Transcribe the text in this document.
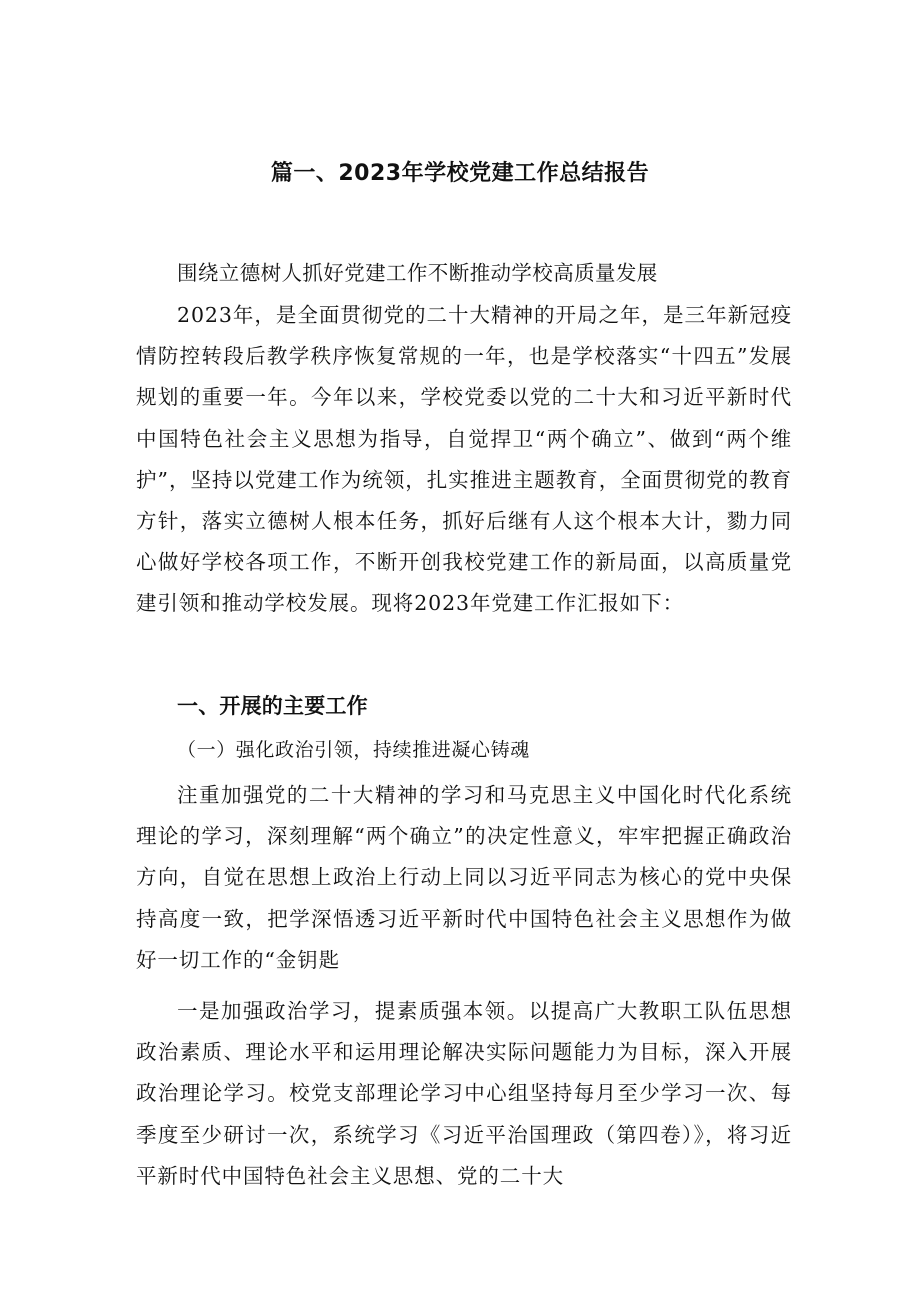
篇一、2023年学校党建工作总结报告
围绕立德树人抓好党建工作不断推动学校高质量发展
2023年，是全面贯彻党的二十大精神的开局之年，是三年新冠疫情防控转段后教学秩序恢复常规的一年，也是学校落实“十四五”发展规划的重要一年。今年以来，学校党委以党的二十大和习近平新时代中国特色社会主义思想为指导，自觉捍卫“两个确立”、做到“两个维护”，坚持以党建工作为统领，扎实推进主题教育，全面贯彻党的教育方针，落实立德树人根本任务，抓好后继有人这个根本大计，勠力同心做好学校各项工作，不断开创我校党建工作的新局面，以高质量党建引领和推动学校发展。现将2023年党建工作汇报如下：
一、开展的主要工作
（一）强化政治引领，持续推进凝心铸魂
注重加强党的二十大精神的学习和马克思主义中国化时代化系统理论的学习，深刻理解“两个确立”的决定性意义，牢牢把握正确政治方向，自觉在思想上政治上行动上同以习近平同志为核心的党中央保持高度一致，把学深悟透习近平新时代中国特色社会主义思想作为做好一切工作的“金钥匙
一是加强政治学习，提素质强本领。以提高广大教职工队伍思想政治素质、理论水平和运用理论解决实际问题能力为目标，深入开展政治理论学习。校党支部理论学习中心组坚持每月至少学习一次、每季度至少研讨一次，系统学习《习近平治国理政（第四卷）》，将习近平新时代中国特色社会主义思想、党的二十大
